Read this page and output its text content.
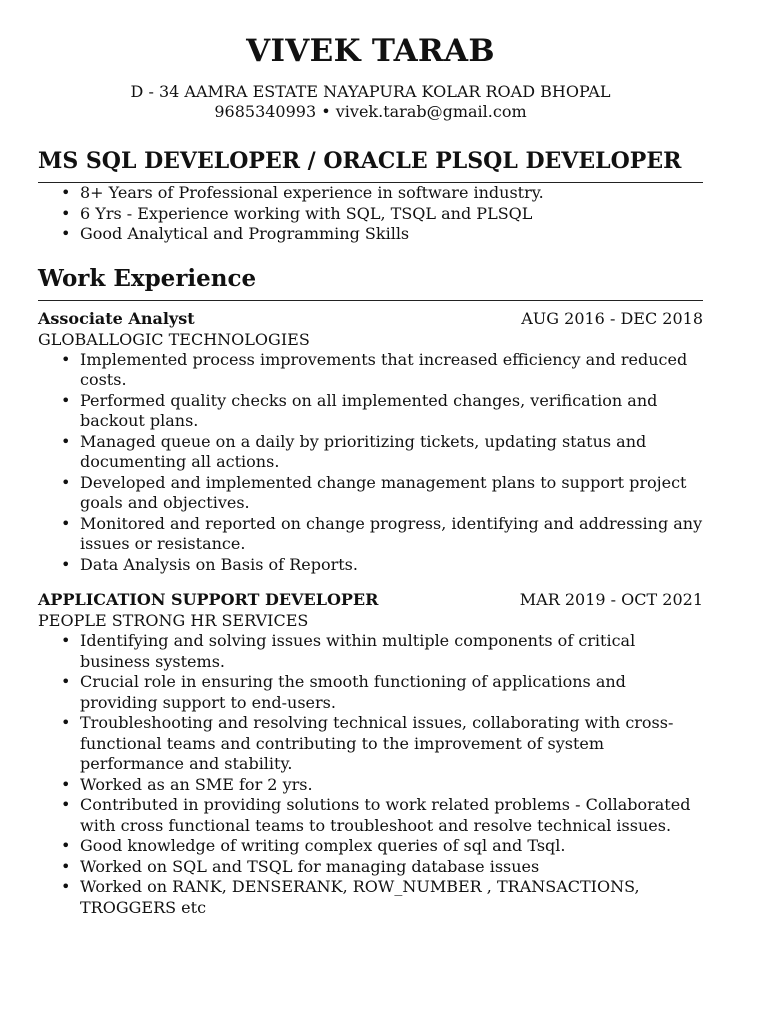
VIVEK TARAB

D - 34 AAMRA ESTATE NAYAPURA KOLAR ROAD BHOPAL

9685340993 • vivek.tarab@gmail.com

MS SQL DEVELOPER / ORACLE PLSQL DEVELOPER
• 8+ Years of Professional experience in software industry.
• 6 Yrs - Experience working with SQL, TSQL and PLSQL
• Good Analytical and Programming Skills
Work Experience
Associate Analyst	AUG 2016 - DEC 2018
GLOBALLOGIC TECHNOLOGIES
• Implemented process improvements that increased efficiency and reduced costs.
• Performed quality checks on all implemented changes, verification and backout plans.
• Managed queue on a daily by prioritizing tickets, updating status and documenting all actions.
• Developed and implemented change management plans to support project goals and objectives.
• Monitored and reported on change progress, identifying and addressing any issues or resistance.
• Data Analysis on Basis of Reports.
APPLICATION SUPPORT DEVELOPER	MAR 2019 - OCT 2021
PEOPLE STRONG HR SERVICES
• Identifying and solving issues within multiple components of critical business systems.
• Crucial role in ensuring the smooth functioning of applications and providing support to end-users.
• Troubleshooting and resolving technical issues, collaborating with cross-functional teams and contributing to the improvement of system performance and stability.
• Worked as an SME for 2 yrs.
• Contributed in providing solutions to work related problems - Collaborated with cross functional teams to troubleshoot and resolve technical issues.
• Good knowledge of writing complex queries of sql and Tsql.
• Worked on SQL and TSQL for managing database issues
• Worked on RANK, DENSERANK, ROW_NUMBER , TRANSACTIONS, TROGGERS etc
